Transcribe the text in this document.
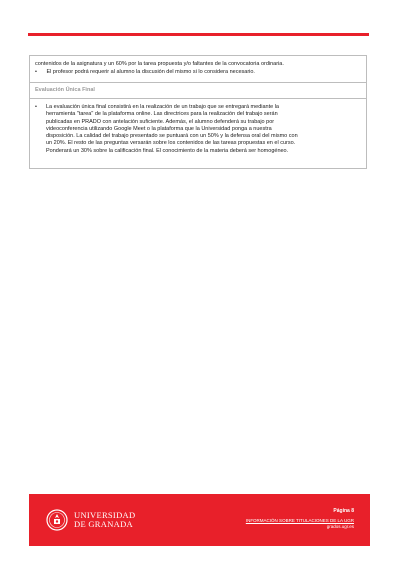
contenidos de la asignatura y un 60% por la tarea propuesta y/o faltantes de la convocatoria ordinaria.
• El profesor podrá requerir al alumno la discusión del mismo si lo considera necesario.
Evaluación Única Final
• La evaluación única final consistirá en la realización de un trabajo que se entregará mediante la
herramienta "tarea" de la plataforma online. Las directrices para la realización del trabajo serán
publicadas en PRADO con antelación suficiente. Además, el alumno defenderá su trabajo por
videoconferencia utilizando Google Meet o la plataforma que la Universidad ponga a nuestra
disposición. La calidad del trabajo presentado se puntuará con un 50% y la defensa oral del mismo con
un 20%. El resto de las preguntas versarán sobre los contenidos de las tareas propuestas en el curso.
Ponderará un 30% sobre la calificación final. El conocimiento de la materia deberá ser homogéneo.
UNIVERSIDAD
DE GRANADA
Página 8
INFORMACIÓN SOBRE TITULACIONES DE LA UGR
grados.ugr.es
